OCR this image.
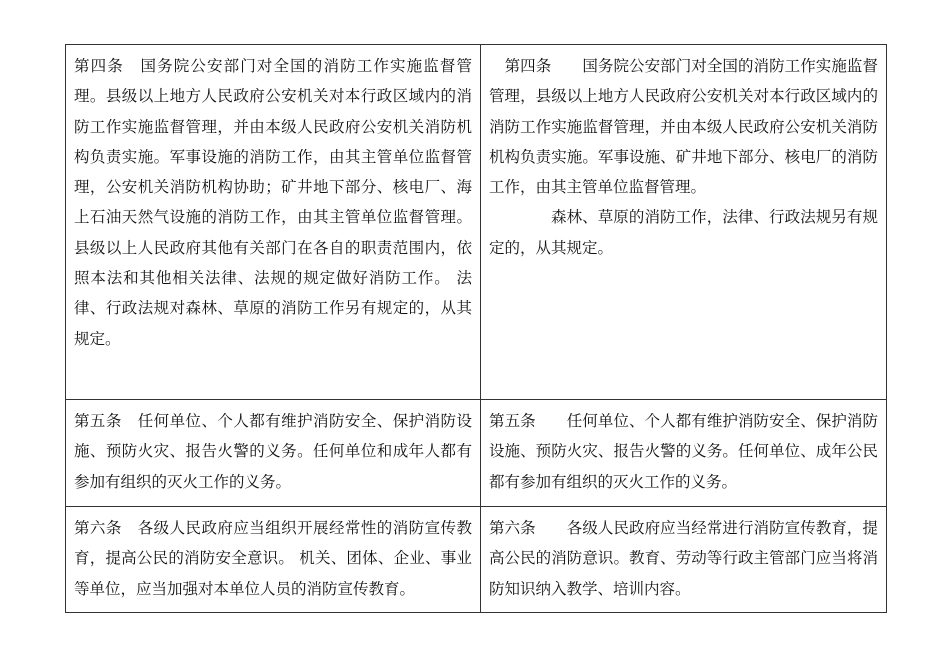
第四条 国务院公安部门对全国的消防工作实施监督管理。县级以上地方人民政府公安机关对本行政区域内的消防工作实施监督管理，并由本级人民政府公安机关消防机构负责实施。军事设施的消防工作，由其主管单位监督管理，公安机关消防机构协助；矿井地下部分、核电厂、海上石油天然气设施的消防工作，由其主管单位监督管理。县级以上人民政府其他有关部门在各自的职责范围内，依照本法和其他相关法律、法规的规定做好消防工作。 法律、行政法规对森林、草原的消防工作另有规定的，从其规定。	第四条 国务院公安部门对全国的消防工作实施监督管理，县级以上地方人民政府公安机关对本行政区域内的消防工作实施监督管理，并由本级人民政府公安机关消防机构负责实施。军事设施、矿井地下部分、核电厂的消防工作，由其主管单位监督管理。

森林、草原的消防工作，法律、行政法规另有规定的，从其规定。

第五条 任何单位、个人都有维护消防安全、保护消防设施、预防火灾、报告火警的义务。任何单位和成年人都有参加有组织的灭火工作的义务。	第五条 任何单位、个人都有维护消防安全、保护消防设施、预防火灾、报告火警的义务。任何单位、成年公民都有参加有组织的灭火工作的义务。

第六条 各级人民政府应当组织开展经常性的消防宣传教育，提高公民的消防安全意识。 机关、团体、企业、事业等单位，应当加强对本单位人员的消防宣传教育。	第六条 各级人民政府应当经常进行消防宣传教育，提高公民的消防意识。教育、劳动等行政主管部门应当将消防知识纳入教学、培训内容。
